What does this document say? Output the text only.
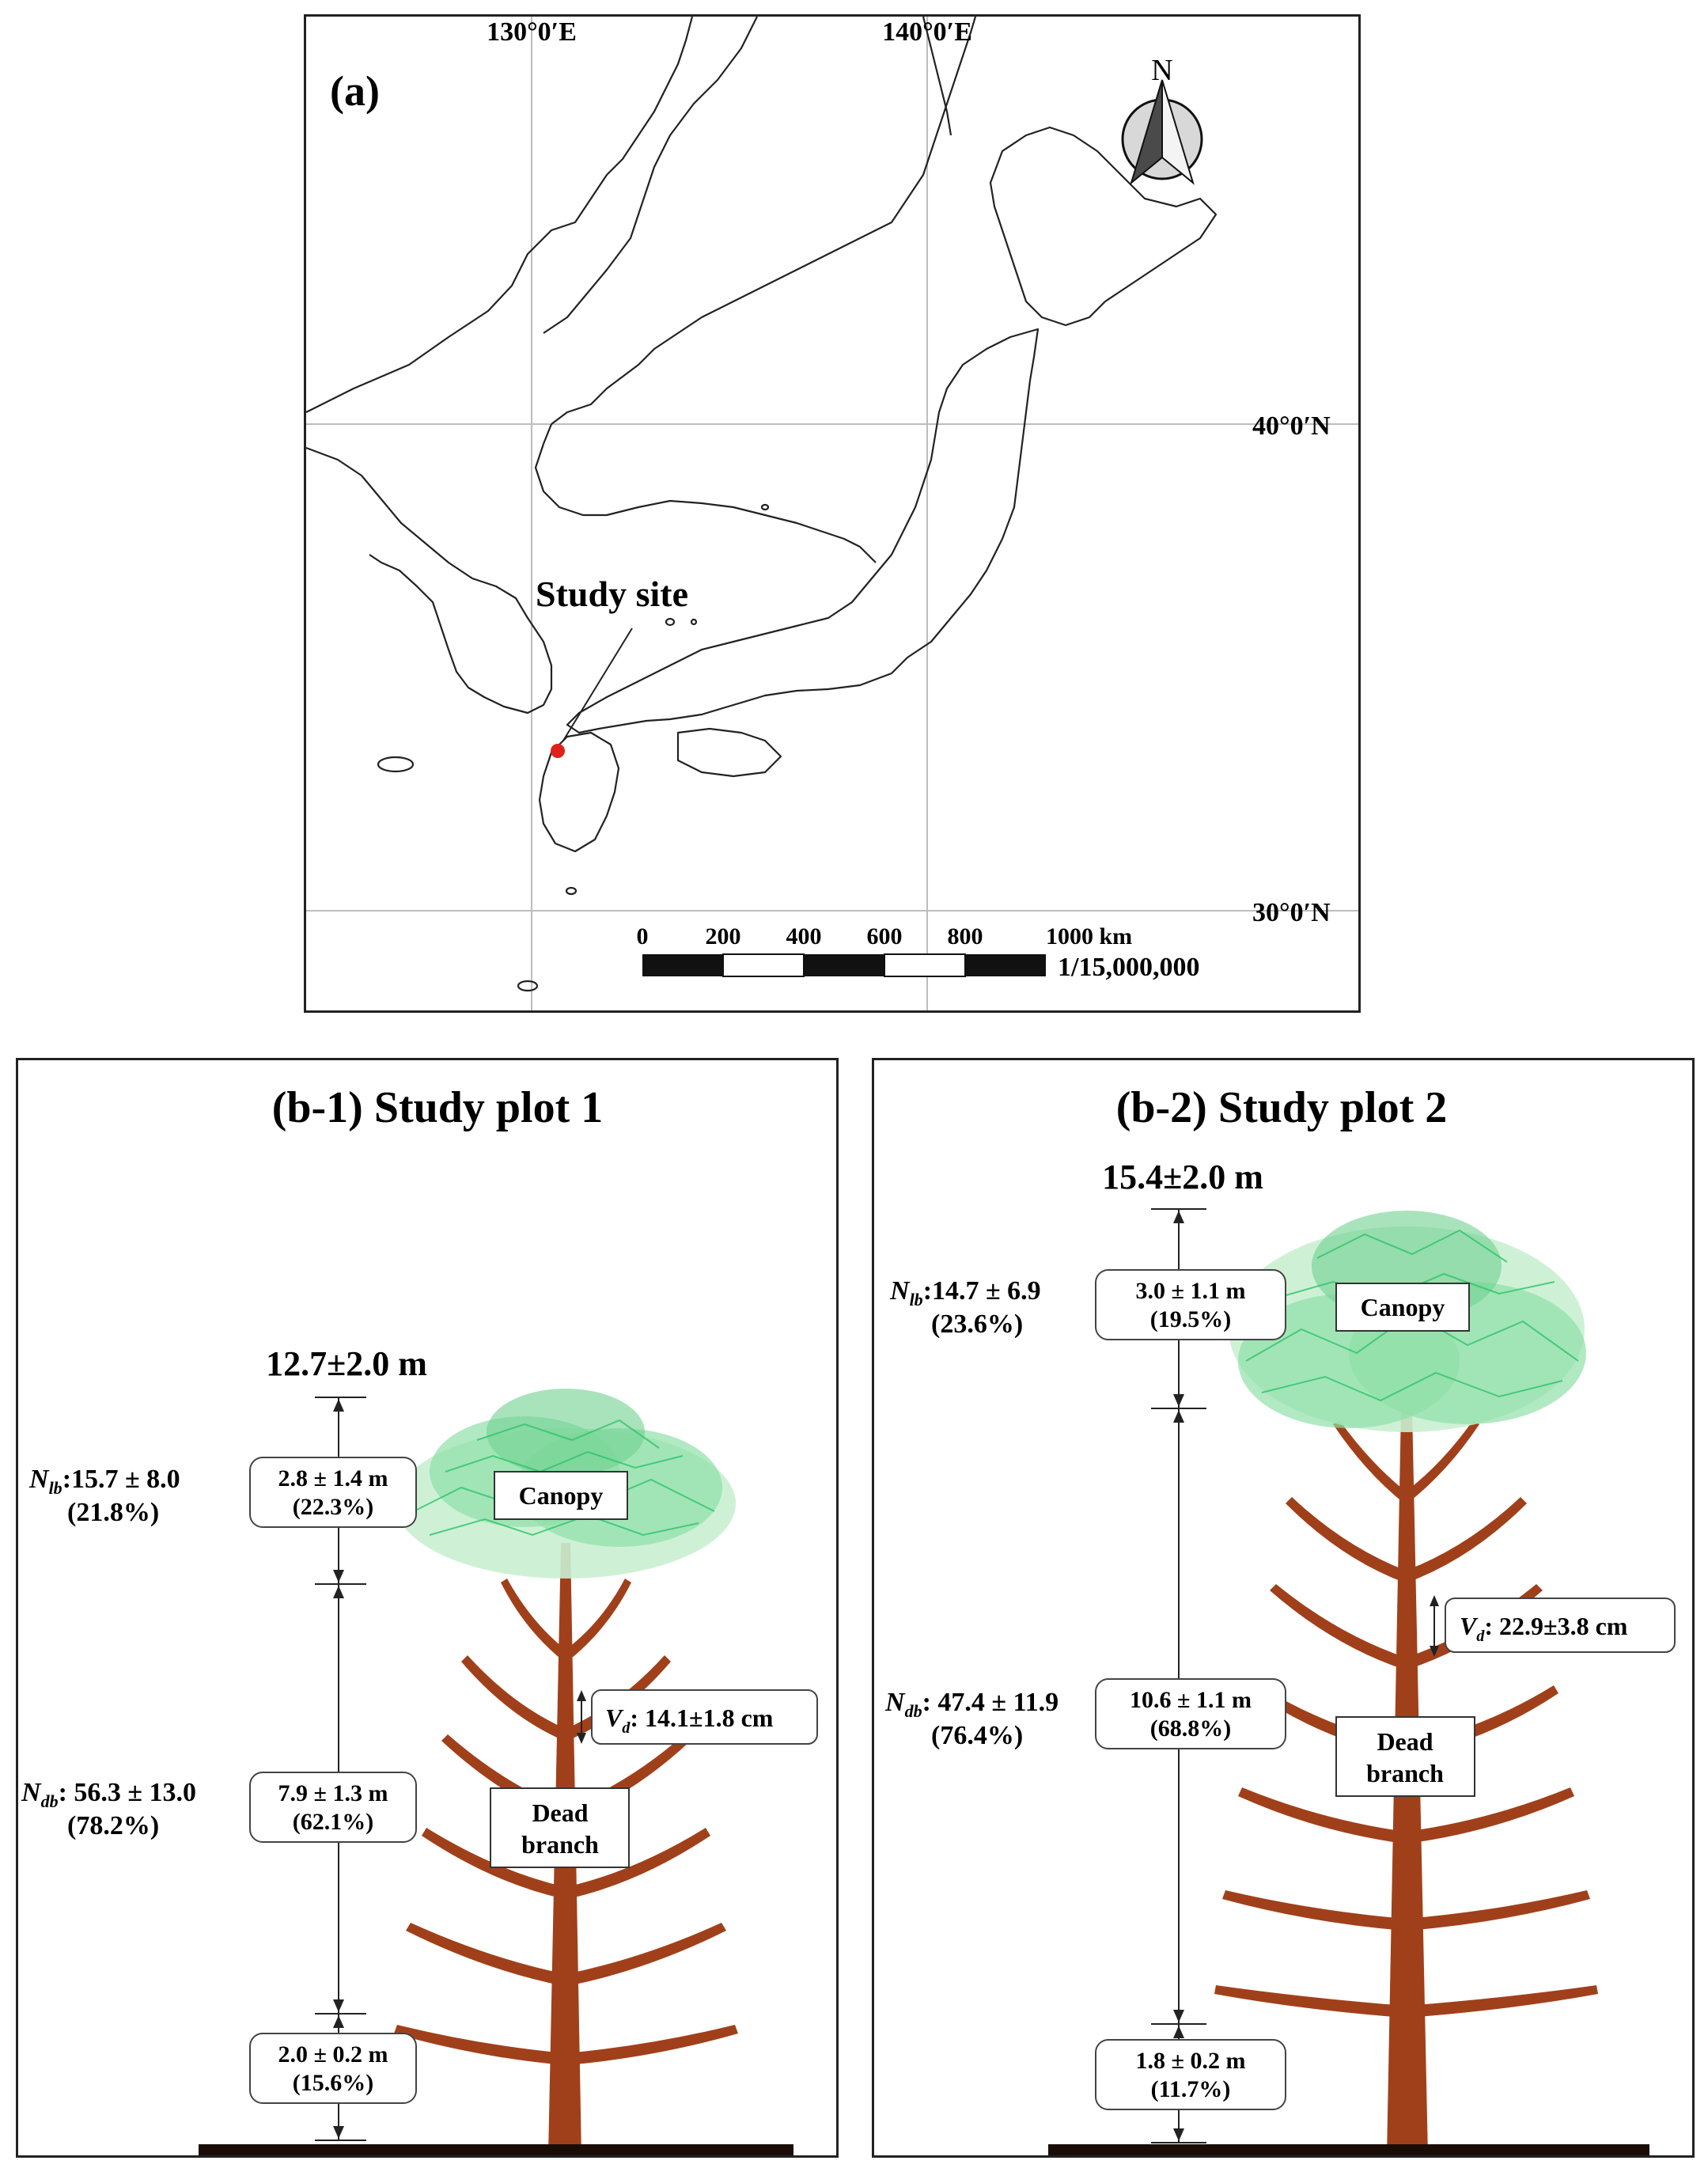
130°0′E	140°0′E
40°0′N
30°0′N
(a)	N
Study site
0 200 400 600 800	1000 km
1/15,000,000
(b-1) Study plot 1
12.7±2.0 m
2.8 ± 1.4 m
(22.3%)
7.9 ± 1.3 m
(62.1%)
2.0 ± 0.2 m
(15.6%)
Canopy
Dead
branch
$V_d$: 14.1±1.8 cm
$N_{lb}:15.7 \pm 8.0$
(21.8%)
$N_{db}$: 56.3 ± 13.0
(78.2%)
(b-2) Study plot 2
15.4±2.0 m
3.0 ± 1.1 m
(19.5%)
10.6 ± 1.1 m
(68.8%)
1.8 ± 0.2 m
(11.7%)
Canopy
Dead
branch
$V_d$: 22.9±3.8 cm
$N_{lb}:14.7 \pm 6.9$
(23.6%)
$N_{db}$: 47.4 ± 11.9
(76.4%)
